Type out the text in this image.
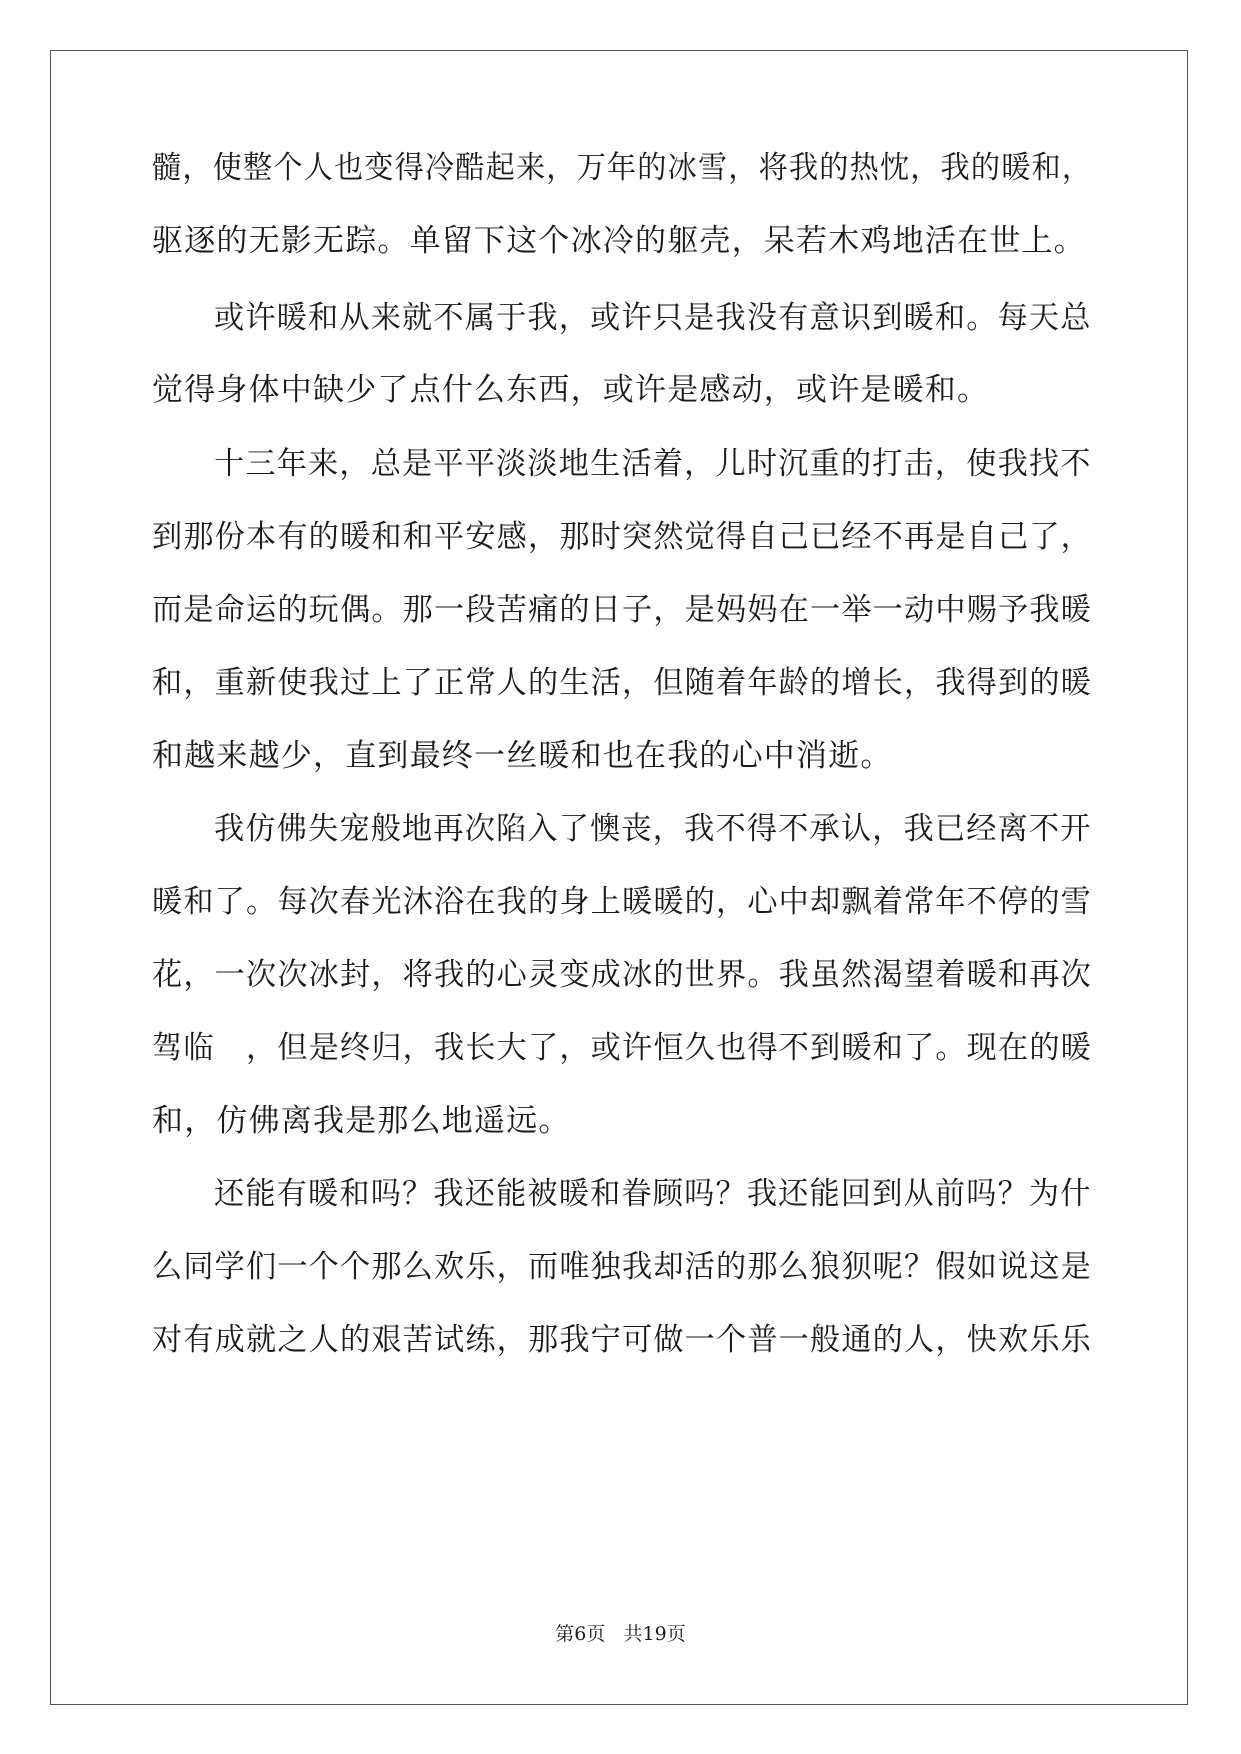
髓，使整个人也变得冷酷起来，万年的冰雪，将我的热忱，我的暖和，
驱逐的无影无踪。单留下这个冰冷的躯壳，呆若木鸡地活在世上。
或许暖和从来就不属于我，或许只是我没有意识到暖和。每天总
觉得身体中缺少了点什么东西，或许是感动，或许是暖和。
十三年来，总是平平淡淡地生活着，儿时沉重的打击，使我找不
到那份本有的暖和和平安感，那时突然觉得自己已经不再是自己了，
而是命运的玩偶。那一段苦痛的日子，是妈妈在一举一动中赐予我暖
和，重新使我过上了正常人的生活，但随着年龄的增长，我得到的暖
和越来越少，直到最终一丝暖和也在我的心中消逝。
我仿佛失宠般地再次陷入了懊丧，我不得不承认，我已经离不开
暖和了。每次春光沐浴在我的身上暖暖的，心中却飘着常年不停的雪
花，一次次冰封，将我的心灵变成冰的世界。我虽然渴望着暖和再次
驾临　，但是终归，我长大了，或许恒久也得不到暖和了。现在的暖
和，仿佛离我是那么地遥远。
还能有暖和吗？我还能被暖和眷顾吗？我还能回到从前吗？为什
么同学们一个个那么欢乐，而唯独我却活的那么狼狈呢？假如说这是
对有成就之人的艰苦试练，那我宁可做一个普一般通的人，快欢乐乐
第6页 共19页
